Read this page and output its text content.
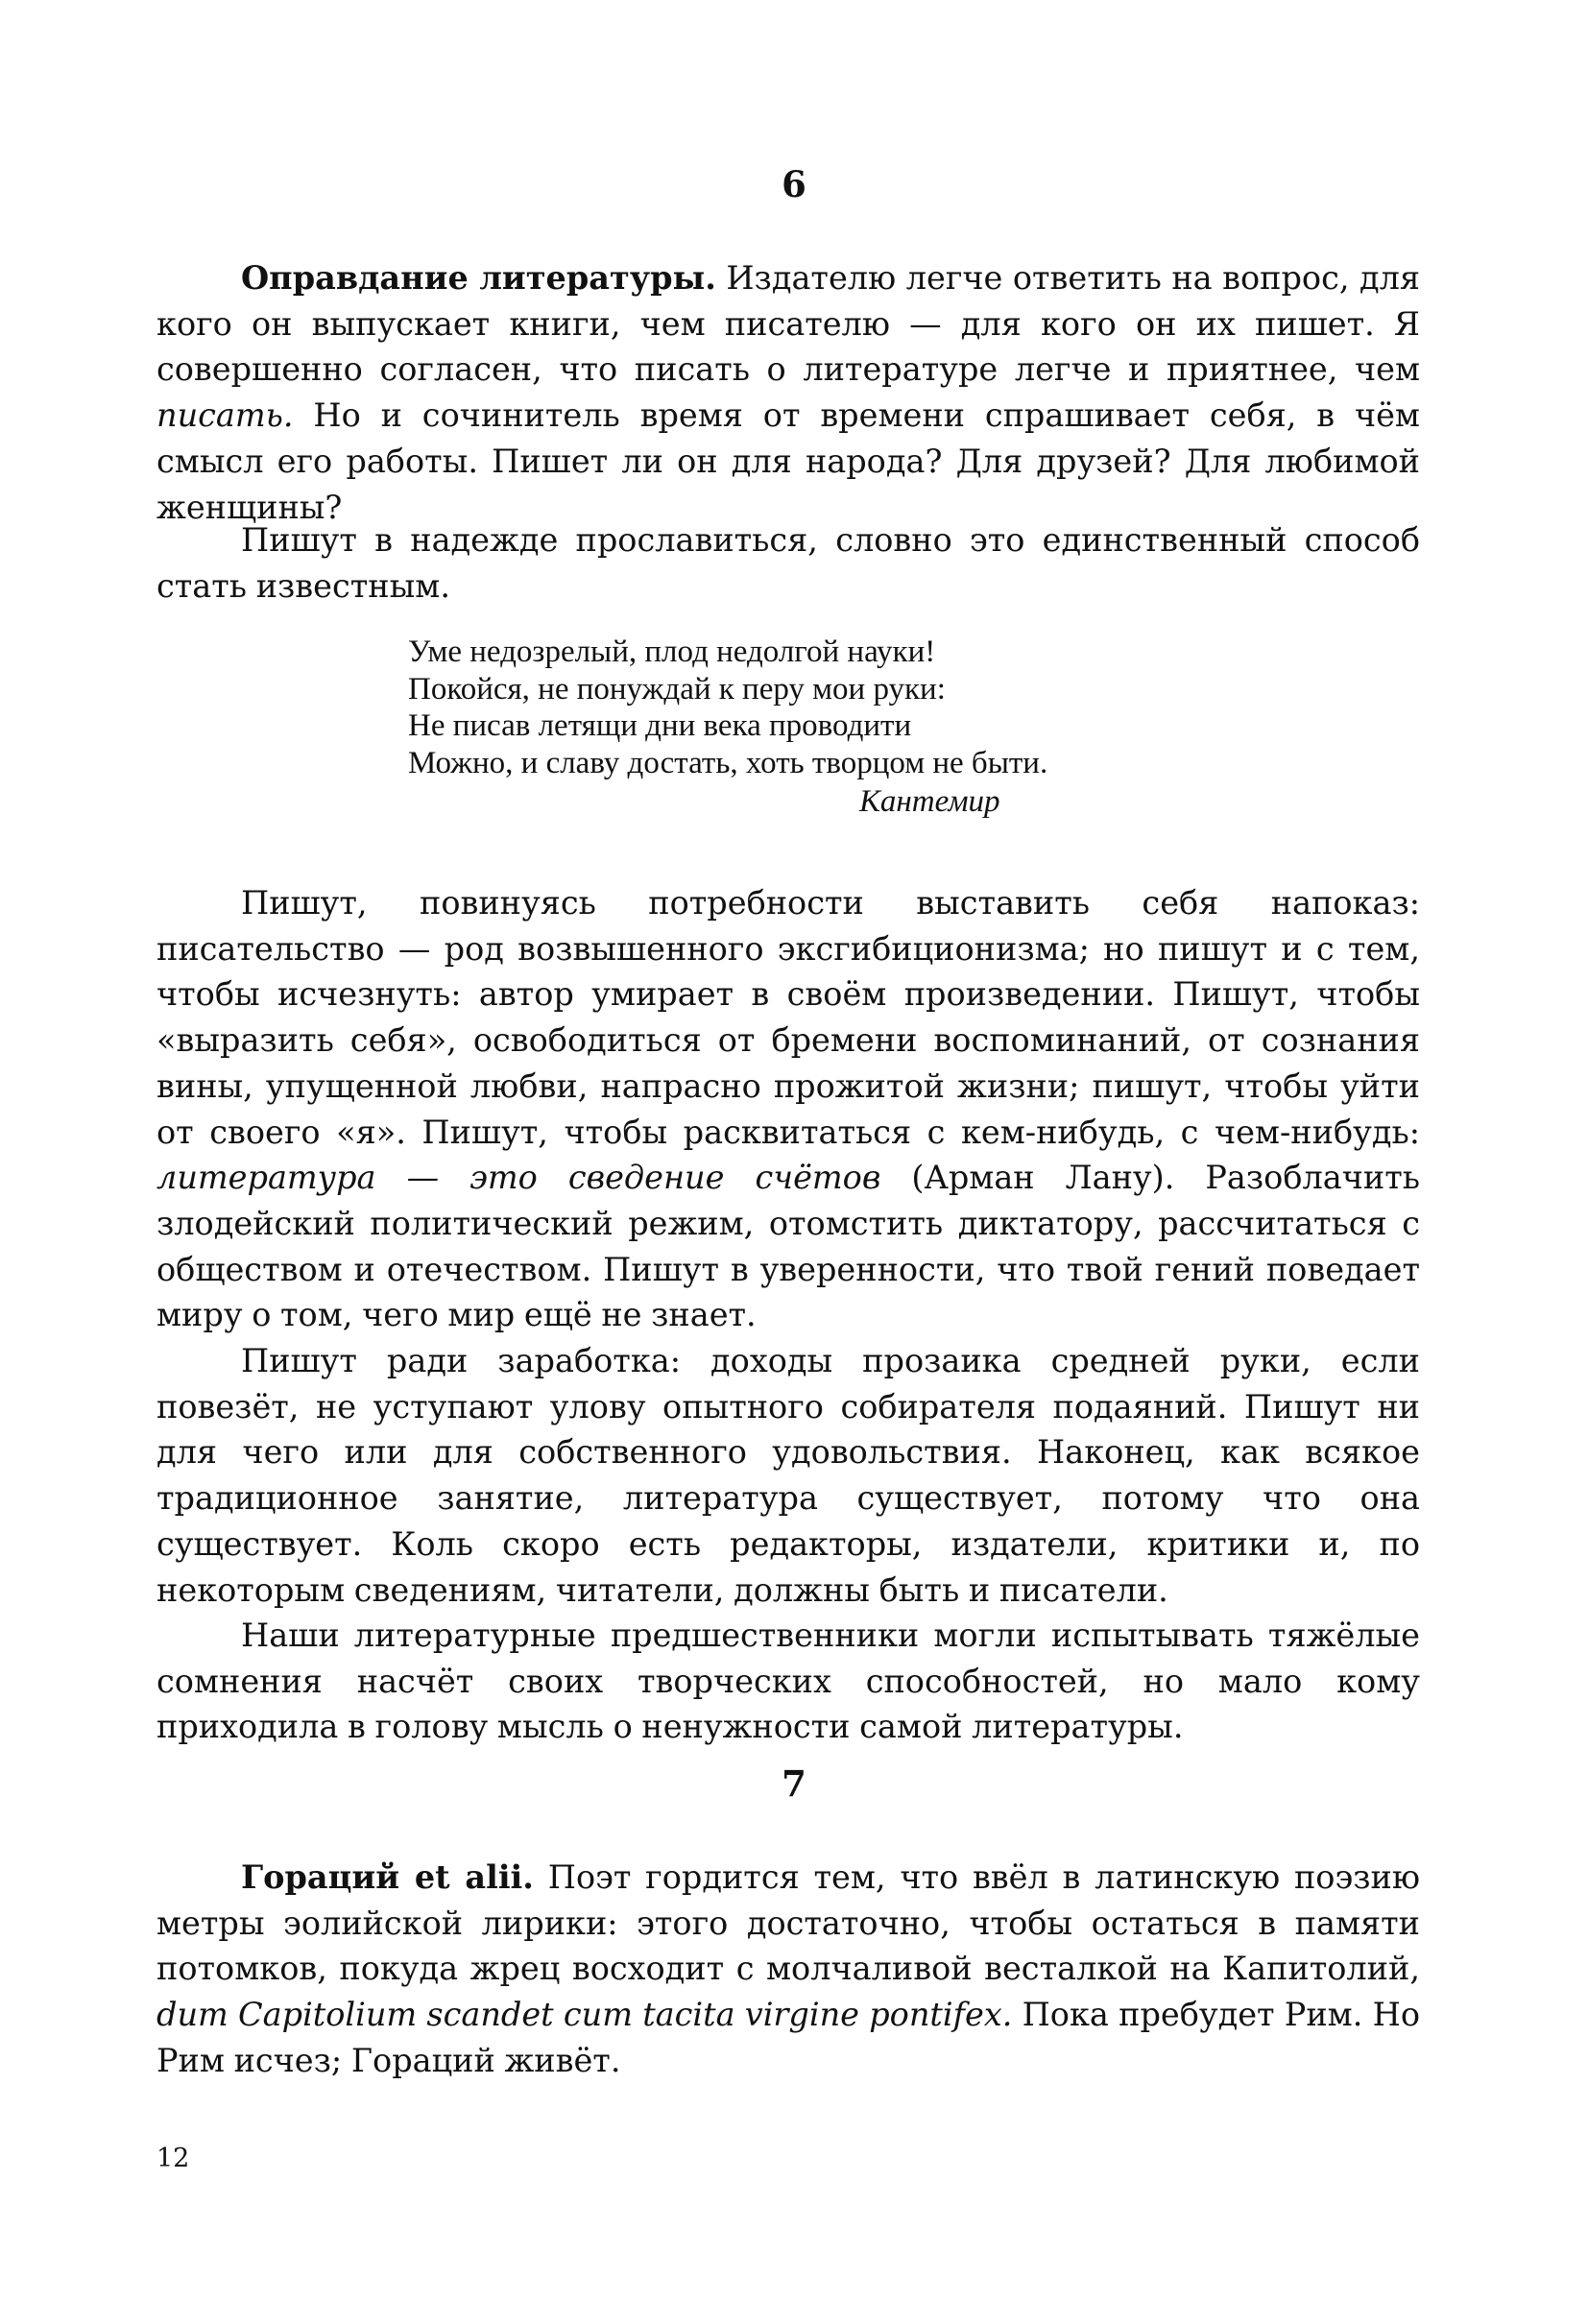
6

Оправдание литературы. Издателю легче ответить на вопрос, для кого он выпускает книги, чем писателю — для кого он их пишет. Я совершенно согласен, что писать о литературе легче и приятнее, чем писать. Но и сочинитель время от времени спрашивает себя, в чём смысл его работы. Пишет ли он для народа? Для друзей? Для любимой женщины?

Пишут в надежде прославиться, словно это единственный способ стать известным.

Уме недозрелый, плод недолгой науки!
Покойся, не понуждай к перу мои руки:
Не писав летящи дни века проводити
Можно, и славу достать, хоть творцом не быти.
Кантемир

Пишут, повинуясь потребности выставить себя напоказ: писательство — род возвышенного эксгибиционизма; но пишут и с тем, чтобы исчезнуть: автор умирает в своём произведении. Пишут, чтобы «выразить себя», освободиться от бремени воспоминаний, от сознания вины, упущенной любви, напрасно прожитой жизни; пишут, чтобы уйти от своего «я». Пишут, чтобы расквитаться с кем-нибудь, с чем-нибудь: литература — это сведение счётов (Арман Лану). Разоблачить злодейский политический режим, отомстить диктатору, рассчитаться с обществом и отечеством. Пишут в уверенности, что твой гений поведает миру о том, чего мир ещё не знает.

Пишут ради заработка: доходы прозаика средней руки, если повезёт, не уступают улову опытного собирателя подаяний. Пишут ни для чего или для собственного удовольствия. Наконец, как всякое традиционное занятие, литература существует, потому что она существует. Коль скоро есть редакторы, издатели, критики и, по некоторым сведениям, читатели, должны быть и писатели.

Наши литературные предшественники могли испытывать тяжёлые сомнения насчёт своих творческих способностей, но мало кому приходила в голову мысль о ненужности самой литературы.

7

Гораций et alii. Поэт гордится тем, что ввёл в латинскую поэзию метры эолийской лирики: этого достаточно, чтобы остаться в памяти потомков, покуда жрец восходит с молчаливой весталкой на Капитолий, dum Capitolium scandet cum tacita virgine pontifex. Пока пребудет Рим. Но Рим исчез; Гораций живёт.

12
